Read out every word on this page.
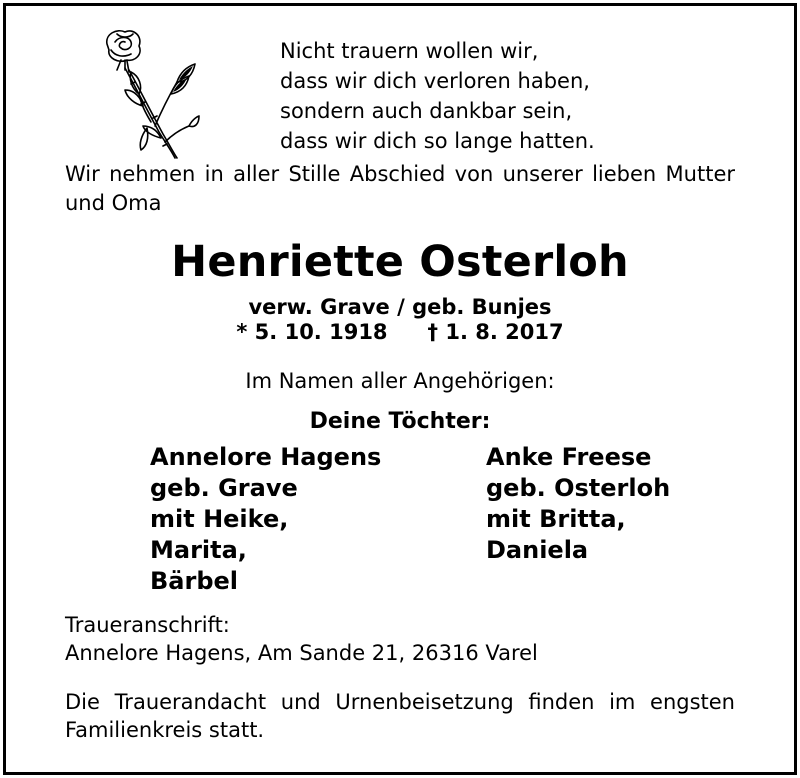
Nicht trauern wollen wir,
dass wir dich verloren haben,
sondern auch dankbar sein,
dass wir dich so lange hatten.
Wir nehmen in aller Stille Abschied von unserer lieben Mutter und Oma
Henriette Osterloh
verw. Grave / geb. Bunjes
* 5. 10. 1918 † 1. 8. 2017
Im Namen aller Angehörigen:
Deine Töchter:
Annelore Hagens
geb. Grave
mit Heike,
Marita,
Bärbel
Anke Freese
geb. Osterloh
mit Britta,
Daniela
Traueranschrift:
Annelore Hagens, Am Sande 21, 26316 Varel
Die Trauerandacht und Urnenbeisetzung finden im engsten Familienkreis statt.
